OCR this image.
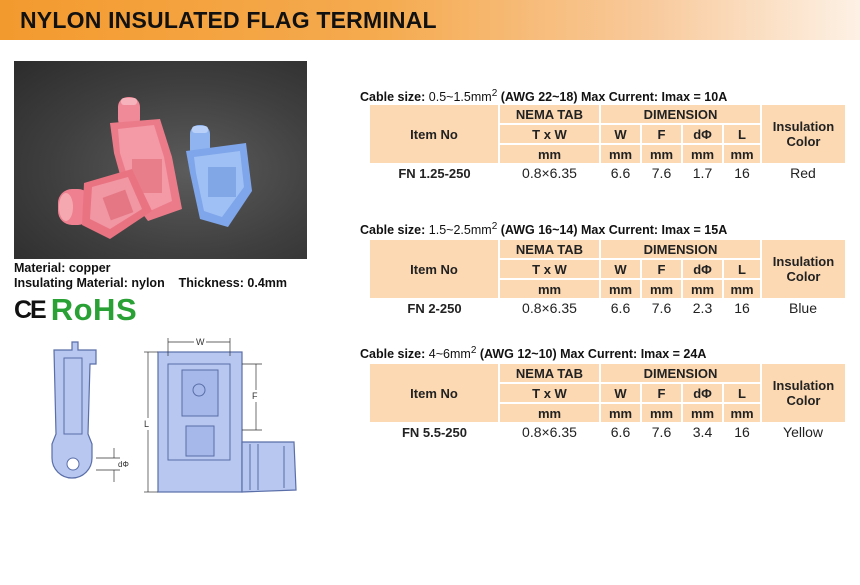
NYLON INSULATED FLAG TERMINAL
Material: copper
Insulating Material: nylon Thickness: 0.4mm
CE RoHS
dΦ
W
L
F
Cable size: $0.5\sim 1.5mm^2$ (AWG 22~18) Max Current: Imax = 10A
Item No	NEMA TAB	DIMENSION				Insulation Color
	T x W	W	F	dΦ	L	
	mm	mm	mm	mm	mm	
FN 1.25-250	0.8×6.35	6.6	7.6	1.7	16	Red
Cable size: $1.5\sim 2.5mm^2$ (AWG 16~14) Max Current: Imax = 15A
Item No	NEMA TAB	DIMENSION				Insulation Color
	T x W	W	F	dΦ	L	
	mm	mm	mm	mm	mm	
FN 2-250	0.8×6.35	6.6	7.6	2.3	16	Blue
Cable size: $4\sim 6mm^2$ (AWG 12~10) Max Current: Imax = 24A
Item No	NEMA TAB	DIMENSION				Insulation Color
	T x W	W	F	dΦ	L	
	mm	mm	mm	mm	mm	
FN 5.5-250	0.8×6.35	6.6	7.6	3.4	16	Yellow
